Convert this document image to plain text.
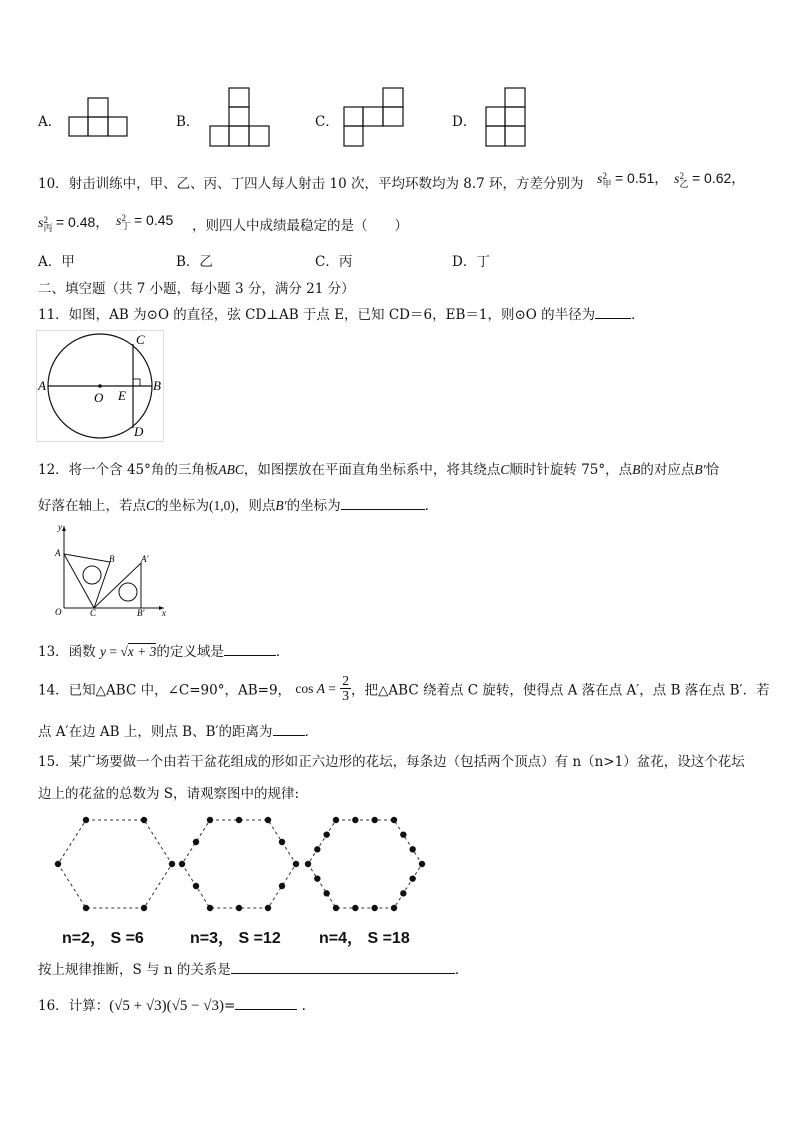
A．	B．	C．	D．
10．射击训练中，甲、乙、丙、丁四人每人射击 10 次，平均环数均为 8.7 环，方差分别为 s2
甲 = 0.51， s2
乙 = 0.62，
s2
丙 = 0.48， s2
丁 = 0.45 ，则四人中成绩最稳定的是（　　）
A．甲	B．乙	C．丙	D．丁
二、填空题（共 7 小题，每小题 3 分，满分 21 分）
11．如图，AB 为⊙O 的直径，弦 CD⊥AB 于点 E，已知 CD＝6，EB＝1，则⊙O 的半径为	．
A	B
C
D
O E
12．将一个含 45°角的三角板ABC，如图摆放在平面直角坐标系中，将其绕点C顺时针旋转 75°，点B的对应点B′恰
好落在轴上，若点C的坐标为(1,0)，则点B′的坐标为	．
y
x
O
A
B
C
A′
B′
13．函数 y = √x + 3的定义域是	．
14．已知△ABC 中，∠C=90°，AB=9， $\cos A = \frac{2}{3}$ ，把△ABC 绕着点 C 旋转，使得点 A 落在点 A′，点 B 落在点 B′．若
点 A′在边 AB 上，则点 B、B′的距离为 ．
15．某广场要做一个由若干盆花组成的形如正六边形的花坛，每条边（包括两个顶点）有 n（n>1）盆花，设这个花坛
边上的花盆的总数为 S，请观察图中的规律:
n=2， S =6	n=3， S =12 n=4， S =18
按上规律推断，S 与 n 的关系是	．
16．计算：(√5 + √3)(√5 − √3)=	.
